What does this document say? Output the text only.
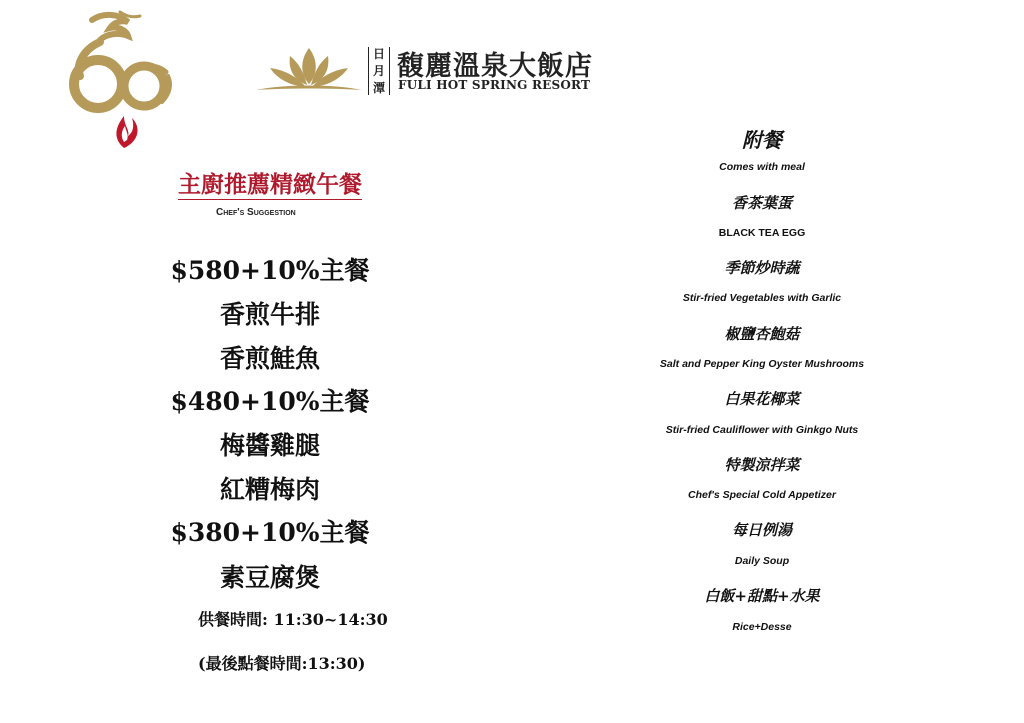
日
月
潭
馥麗溫泉大飯店
FULI HOT SPRING RESORT
主廚推薦精緻午餐
Chef's Suggestion
$580+10%主餐
香煎牛排
香煎鮭魚
$480+10%主餐
梅醬雞腿
紅糟梅肉
$380+10%主餐
素豆腐煲
供餐時間: 11:30~14:30
(最後點餐時間:13:30)
附餐
Comes with meal
香茶葉蛋
BLACK TEA EGG
季節炒時蔬
Stir-fried Vegetables with Garlic
椒鹽杏鮑菇
Salt and Pepper King Oyster Mushrooms
白果花椰菜
Stir-fried Cauliflower with Ginkgo Nuts
特製涼拌菜
Chef's Special Cold Appetizer
每日例湯
Daily Soup
白飯+甜點+水果
Rice+Desse
